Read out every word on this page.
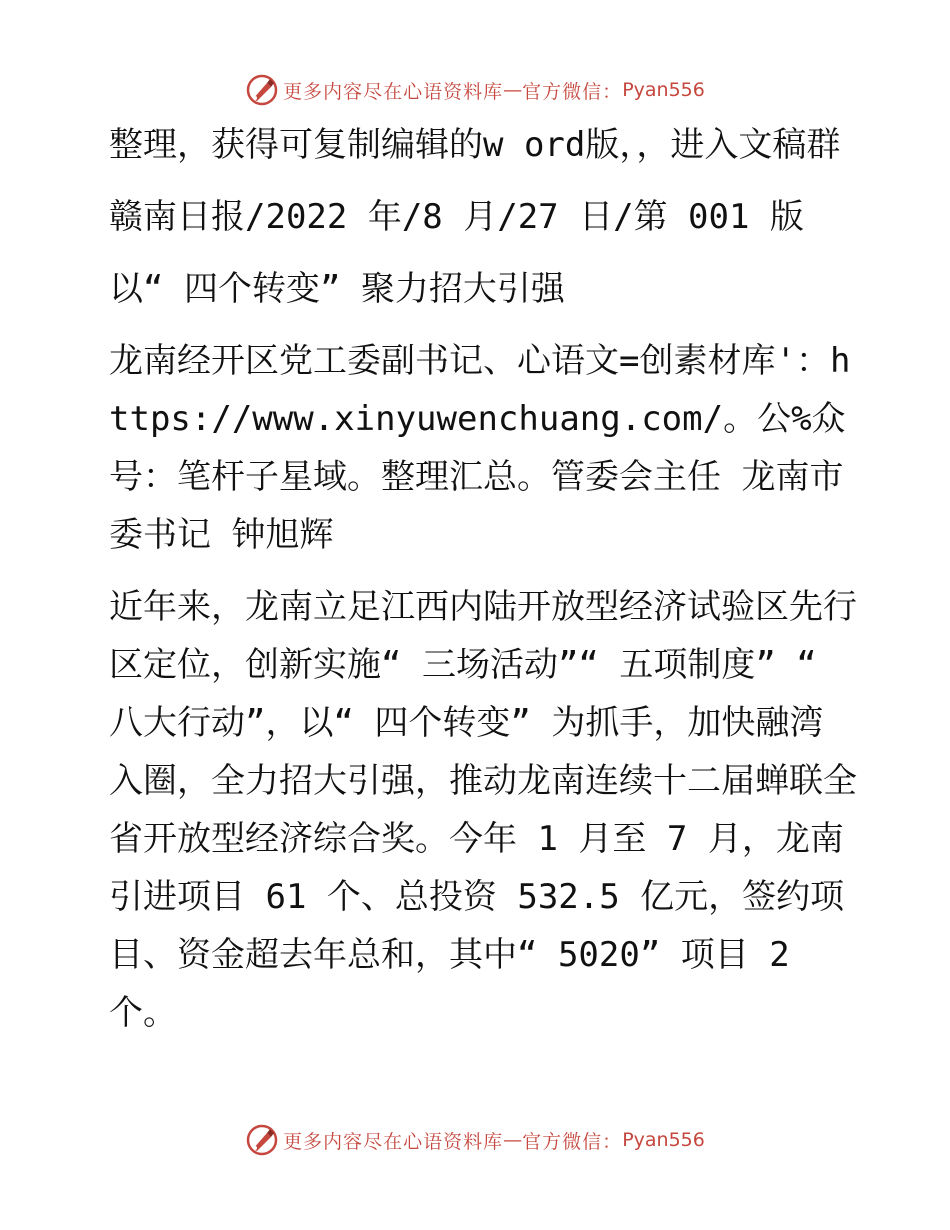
更多内容尽在心语资料库 — 官方微信： Pyan556

整理，获得可复制编辑的w ord版，，进入文稿群

赣南日报/2022 年/8 月/27 日/第 001 版

以“ 四个转变” 聚力招大引强

龙南经开区党工委副书记、心语文=创素材库'：https://www.xinyuwenchuang.com/。公%众号：笔杆子星域。整理汇总。管委会主任 龙南市委书记 钟旭辉

近年来，龙南立足江西内陆开放型经济试验区先行区定位，创新实施“ 三场活动”“ 五项制度” “ 八大行动”，以“ 四个转变” 为抓手，加快融湾入圈，全力招大引强，推动龙南连续十二届蝉联全省开放型经济综合奖。今年 1 月至 7 月，龙南引进项目 61 个、总投资 532.5 亿元，签约项目、资金超去年总和，其中“ 5020” 项目 2 个。

更多内容尽在心语资料库 — 官方微信： Pyan556
